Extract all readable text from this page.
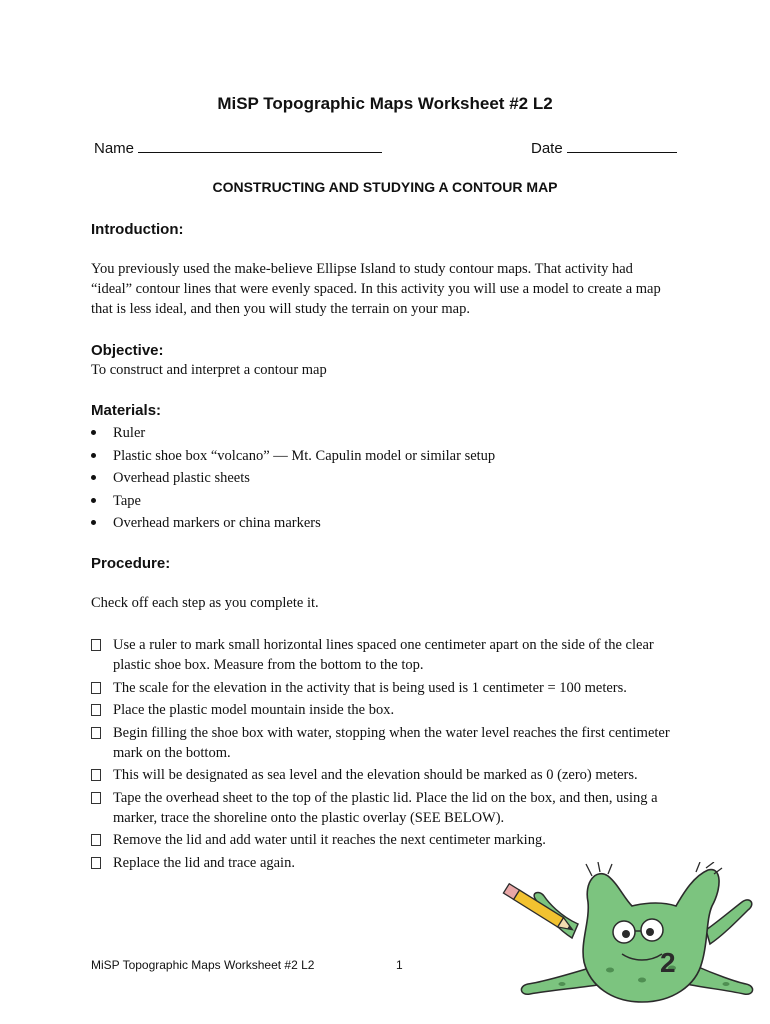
MiSP Topographic Maps Worksheet #2 L2
Name	Date
CONSTRUCTING AND STUDYING A CONTOUR MAP
Introduction:
You previously used the make-believe Ellipse Island to study contour maps. That activity had
“ideal” contour lines that were evenly spaced. In this activity you will use a model to create a map
that is less ideal, and then you will study the terrain on your map.
Objective:
To construct and interpret a contour map
Materials:
Ruler
Plastic shoe box “volcano” — Mt. Capulin model or similar setup
Overhead plastic sheets
Tape
Overhead markers or china markers
Procedure:
Check off each step as you complete it.
Use a ruler to mark small horizontal lines spaced one centimeter apart on the side of the clear
plastic shoe box. Measure from the bottom to the top.
The scale for the elevation in the activity that is being used is 1 centimeter = 100 meters.
Place the plastic model mountain inside the box.
Begin filling the shoe box with water, stopping when the water level reaches the first centimeter
mark on the bottom.
This will be designated as sea level and the elevation should be marked as 0 (zero) meters.
Tape the overhead sheet to the top of the plastic lid. Place the lid on the box, and then, using a
marker, trace the shoreline onto the plastic overlay (SEE BELOW).
Remove the lid and add water until it reaches the next centimeter marking.
Replace the lid and trace again.
MiSP Topographic Maps Worksheet #2 L2	1	2
